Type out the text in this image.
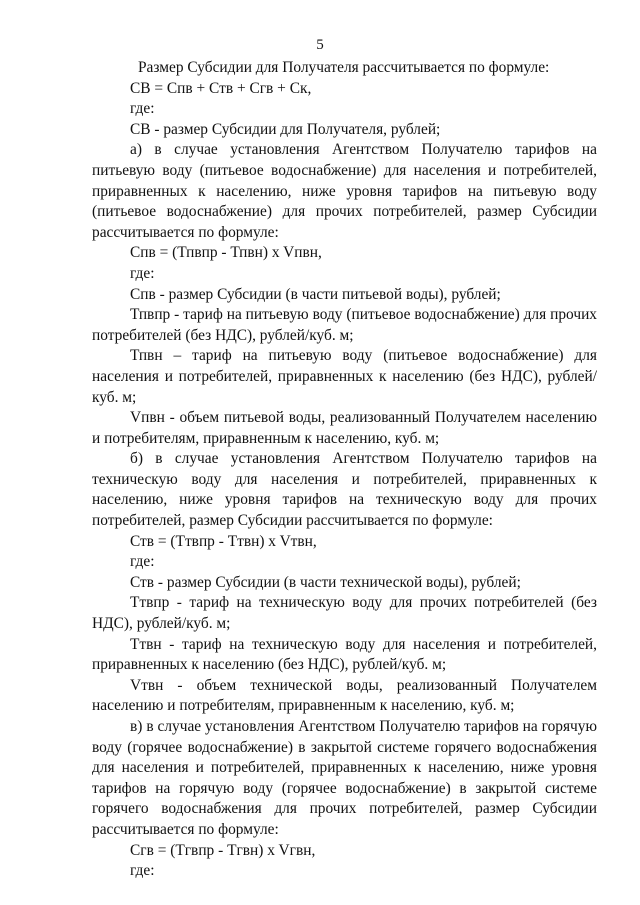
5

Размер Субсидии для Получателя рассчитывается по формуле:

СВ = Спв + Ств + Сгв + Ск,

где:

СВ - размер Субсидии для Получателя, рублей;

а) в случае установления Агентством Получателю тарифов на питьевую воду (питьевое водоснабжение) для населения и потребителей, приравненных к населению, ниже уровня тарифов на питьевую воду (питьевое водоснабжение) для прочих потребителей, размер Субсидии рассчитывается по формуле:

Спв = (Тпвпр - Тпвн) x Vпвн,

где:

Спв - размер Субсидии (в части питьевой воды), рублей;

Тпвпр - тариф на питьевую воду (питьевое водоснабжение) для прочих потребителей (без НДС), рублей/куб. м;

Тпвн – тариф на питьевую воду (питьевое водоснабжение) для населения и потребителей, приравненных к населению (без НДС), рублей/куб. м;

Vпвн - объем питьевой воды, реализованный Получателем населению и потребителям, приравненным к населению, куб. м;

б) в случае установления Агентством Получателю тарифов на техническую воду для населения и потребителей, приравненных к населению, ниже уровня тарифов на техническую воду для прочих потребителей, размер Субсидии рассчитывается по формуле:

Ств = (Ттвпр - Ттвн) x Vтвн,

где:

Ств - размер Субсидии (в части технической воды), рублей;

Ттвпр - тариф на техническую воду для прочих потребителей (без НДС), рублей/куб. м;

Ттвн - тариф на техническую воду для населения и потребителей, приравненных к населению (без НДС), рублей/куб. м;

Vтвн - объем технической воды, реализованный Получателем населению и потребителям, приравненным к населению, куб. м;

в) в случае установления Агентством Получателю тарифов на горячую воду (горячее водоснабжение) в закрытой системе горячего водоснабжения для населения и потребителей, приравненных к населению, ниже уровня тарифов на горячую воду (горячее водоснабжение) в закрытой системе горячего водоснабжения для прочих потребителей, размер Субсидии рассчитывается по формуле:

Сгв = (Тгвпр - Тгвн) x Vгвн,

где:
